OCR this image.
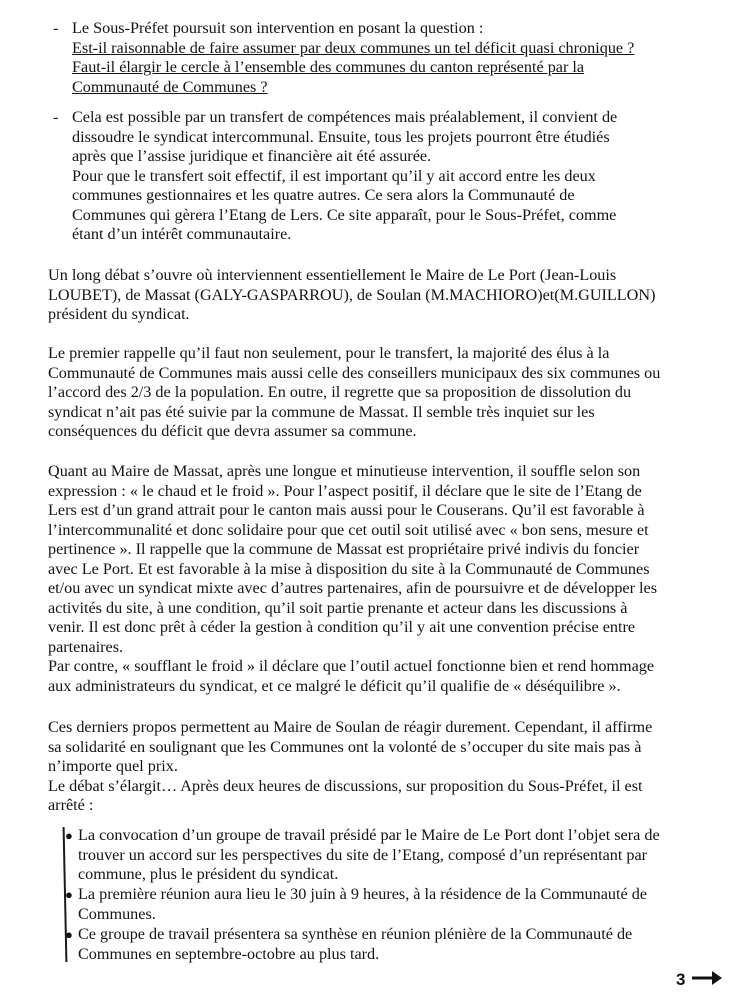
- Le Sous-Préfet poursuit son intervention en posant la question :
Est-il raisonnable de faire assumer par deux communes un tel déficit quasi chronique ?
Faut-il élargir le cercle à l’ensemble des communes du canton représenté par la
Communauté de Communes ?
- Cela est possible par un transfert de compétences mais préalablement, il convient de
dissoudre le syndicat intercommunal. Ensuite, tous les projets pourront être étudiés
après que l’assise juridique et financière ait été assurée.
Pour que le transfert soit effectif, il est important qu’il y ait accord entre les deux
communes gestionnaires et les quatre autres. Ce sera alors la Communauté de
Communes qui gèrera l’Etang de Lers. Ce site apparaît, pour le Sous-Préfet, comme
étant d’un intérêt communautaire.
Un long débat s’ouvre où interviennent essentiellement le Maire de Le Port (Jean-Louis
LOUBET), de Massat (GALY-GASPARROU), de Soulan (M.MACHIORO)et(M.GUILLON)
président du syndicat.
Le premier rappelle qu’il faut non seulement, pour le transfert, la majorité des élus à la
Communauté de Communes mais aussi celle des conseillers municipaux des six communes ou
l’accord des 2/3 de la population. En outre, il regrette que sa proposition de dissolution du
syndicat n’ait pas été suivie par la commune de Massat. Il semble très inquiet sur les
conséquences du déficit que devra assumer sa commune.
Quant au Maire de Massat, après une longue et minutieuse intervention, il souffle selon son
expression : « le chaud et le froid ». Pour l’aspect positif, il déclare que le site de l’Etang de
Lers est d’un grand attrait pour le canton mais aussi pour le Couserans. Qu’il est favorable à
l’intercommunalité et donc solidaire pour que cet outil soit utilisé avec « bon sens, mesure et
pertinence ». Il rappelle que la commune de Massat est propriétaire privé indivis du foncier
avec Le Port. Et est favorable à la mise à disposition du site à la Communauté de Communes
et/ou avec un syndicat mixte avec d’autres partenaires, afin de poursuivre et de développer les
activités du site, à une condition, qu’il soit partie prenante et acteur dans les discussions à
venir. Il est donc prêt à céder la gestion à condition qu’il y ait une convention précise entre
partenaires.
Par contre, « soufflant le froid » il déclare que l’outil actuel fonctionne bien et rend hommage
aux administrateurs du syndicat, et ce malgré le déficit qu’il qualifie de « déséquilibre ».
Ces derniers propos permettent au Maire de Soulan de réagir durement. Cependant, il affirme
sa solidarité en soulignant que les Communes ont la volonté de s’occuper du site mais pas à
n’importe quel prix.
Le débat s’élargit… Après deux heures de discussions, sur proposition du Sous-Préfet, il est
arrêté :
● La convocation d’un groupe de travail présidé par le Maire de Le Port dont l’objet sera de
trouver un accord sur les perspectives du site de l’Etang, composé d’un représentant par
commune, plus le président du syndicat.
● La première réunion aura lieu le 30 juin à 9 heures, à la résidence de la Communauté de
Communes.
● Ce groupe de travail présentera sa synthèse en réunion plénière de la Communauté de
Communes en septembre-octobre au plus tard.
3
